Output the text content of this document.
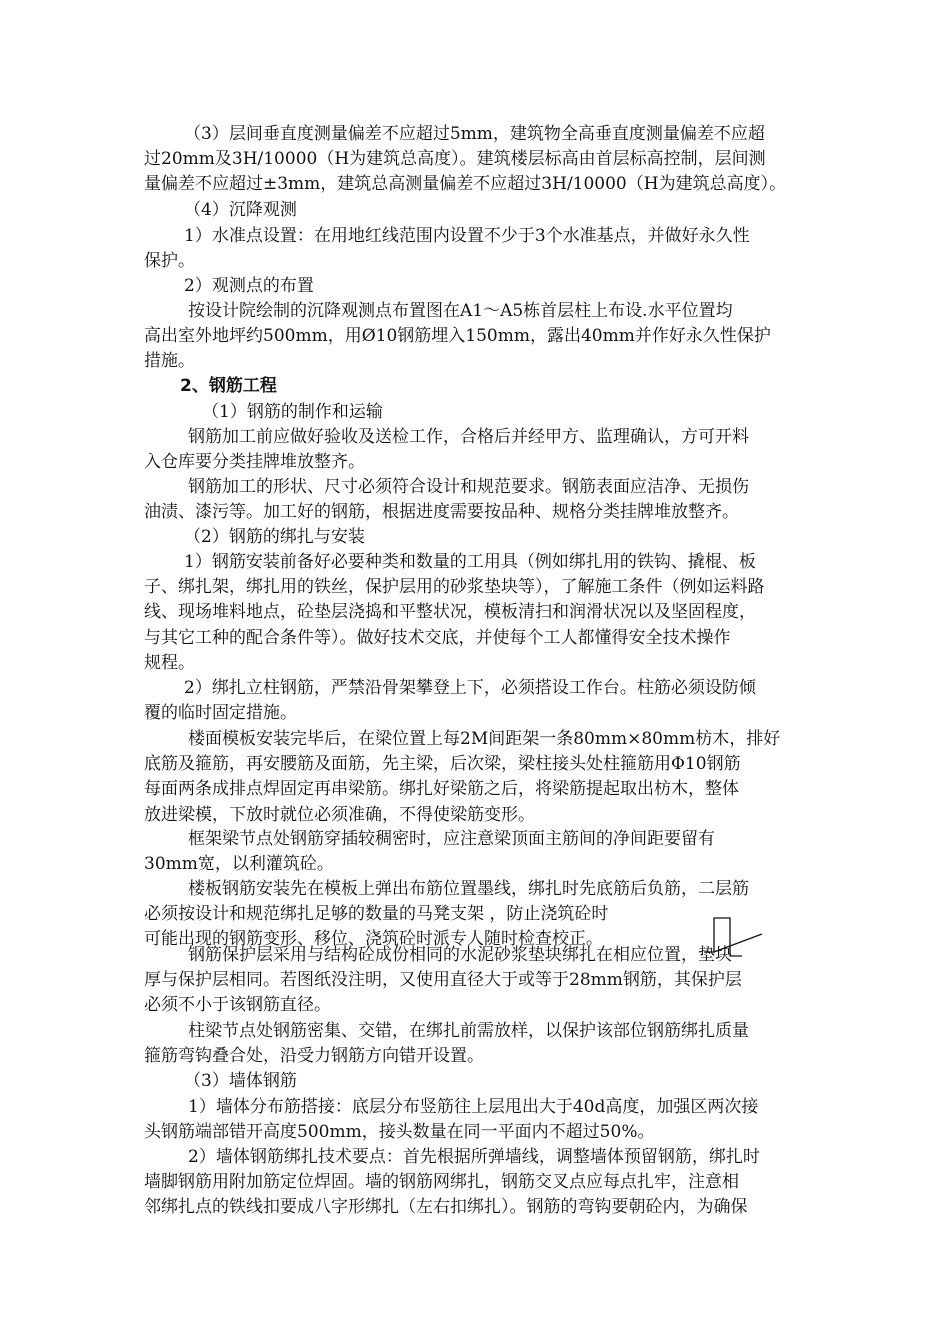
（3）层间垂直度测量偏差不应超过5mm，建筑物全高垂直度测量偏差不应超
过20mm及3H/10000（H为建筑总高度）。建筑楼层标高由首层标高控制，层间测
量偏差不应超过±3mm，建筑总高测量偏差不应超过3H/10000（H为建筑总高度）。

（4）沉降观测

1）水准点设置：在用地红线范围内设置不少于3个水准基点，并做好永久性
保护。

2）观测点的布置

按设计院绘制的沉降观测点布置图在A1～A5栋首层柱上布设.水平位置均
高出室外地坪约500mm，用Ø10钢筋埋入150mm，露出40mm并作好永久性保护
措施。

2、钢筋工程

（1）钢筋的制作和运输

钢筋加工前应做好验收及送检工作，合格后并经甲方、监理确认，方可开料
入仓库要分类挂牌堆放整齐。
钢筋加工的形状、尺寸必须符合设计和规范要求。钢筋表面应洁净、无损伤
油渍、漆污等。加工好的钢筋，根据进度需要按品种、规格分类挂牌堆放整齐。

（2）钢筋的绑扎与安装

1）钢筋安装前备好必要种类和数量的工用具（例如绑扎用的铁钩、撬棍、板
子、绑扎架，绑扎用的铁丝，保护层用的砂浆垫块等），了解施工条件（例如运料路
线、现场堆料地点，砼垫层浇捣和平整状况，模板清扫和润滑状况以及坚固程度，
与其它工种的配合条件等）。做好技术交底，并使每个工人都懂得安全技术操作
规程。
2）绑扎立柱钢筋，严禁沿骨架攀登上下，必须搭设工作台。柱筋必须设防倾
覆的临时固定措施。
楼面模板安装完毕后，在梁位置上每2M间距架一条80mm×80mm枋木，排好
底筋及箍筋，再安腰筋及面筋，先主梁，后次梁，梁柱接头处柱箍筋用Φ10钢筋
每面两条成排点焊固定再串梁筋。绑扎好梁筋之后，将梁筋提起取出枋木，整体
放进梁模，下放时就位必须准确，不得使梁筋变形。
框架梁节点处钢筋穿插较稠密时，应注意梁顶面主筋间的净间距要留有
30mm宽，以利灌筑砼。
楼板钢筋安装先在模板上弹出布筋位置墨线，绑扎时先底筋后负筋，二层筋
必须按设计和规范绑扎足够的数量的马凳支架 ，防止浇筑砼时
可能出现的钢筋变形、移位、浇筑砼时派专人随时检查校正。
钢筋保护层采用与结构砼成份相同的水泥砂浆垫块绑扎在相应位置，垫块
厚与保护层相同。若图纸没注明，又使用直径大于或等于28mm钢筋，其保护层
必须不小于该钢筋直径。
柱梁节点处钢筋密集、交错，在绑扎前需放样，以保护该部位钢筋绑扎质量
箍筋弯钩叠合处，沿受力钢筋方向错开设置。

（3）墙体钢筋

1）墙体分布筋搭接：底层分布竖筋往上层甩出大于40d高度，加强区两次接
头钢筋端部错开高度500mm，接头数量在同一平面内不超过50%。
2）墙体钢筋绑扎技术要点：首先根据所弹墙线，调整墙体预留钢筋，绑扎时
墙脚钢筋用附加筋定位焊固。墙的钢筋网绑扎，钢筋交叉点应每点扎牢，注意相
邻绑扎点的铁线扣要成八字形绑扎（左右扣绑扎）。钢筋的弯钩要朝砼内，为确保
